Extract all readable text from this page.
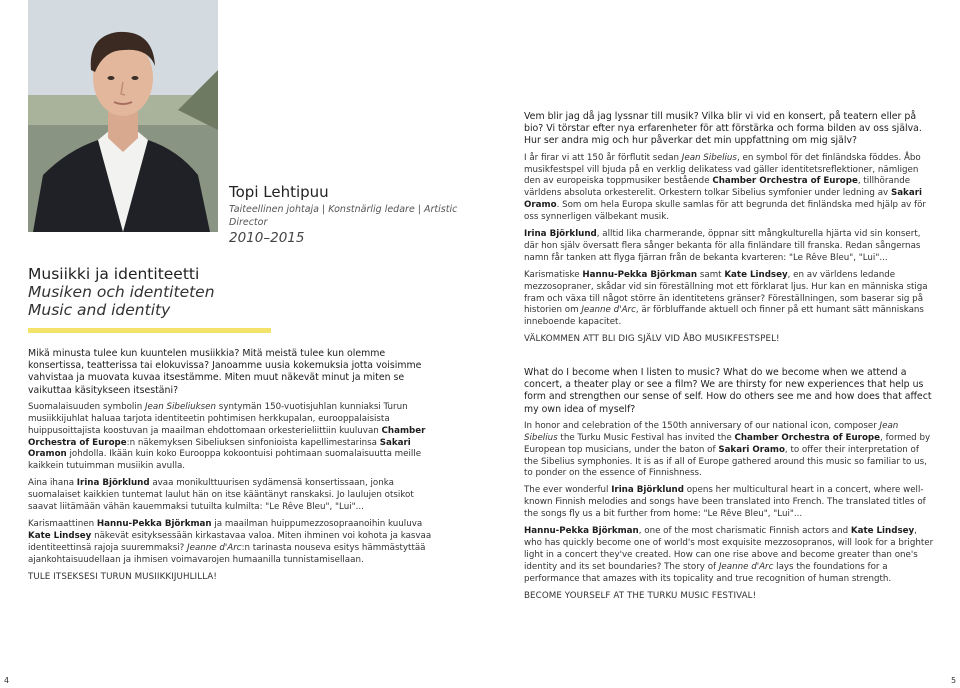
Topi Lehtipuu
Taiteellinen johtaja | Konstnärlig ledare | Artistic Director
2010–2015
Musiikki ja identiteetti
Musiken och identiteten
Music and identity

Mikä minusta tulee kun kuuntelen musiikkia? Mitä meistä tulee kun olemme konsertissa, teatterissa tai elokuvissa? Janoamme uusia kokemuksia jotta voisimme vahvistaa ja muovata kuvaa itsestämme. Miten muut näkevät minut ja miten se vaikuttaa käsitykseen itsestäni?

Suomalaisuuden symbolin Jean Sibeliuksen syntymän 150-vuotisjuhlan kunniaksi Turun musiikkijuhlat haluaa tarjota identiteetin pohtimisen herkkupalan, eurooppalaisista huippusoittajista koostuvan ja maailman ehdottomaan orkesterieliittiin kuuluvan Chamber Orchestra of Europe:n näkemyksen Sibeliuksen sinfonioista kapellimestarinsa Sakari Oramon johdolla. Ikään kuin koko Eurooppa kokoontuisi pohtimaan suomalaisuutta meille kaikkein tutuimman musiikin avulla.

Aina ihana Irina Björklund avaa monikulttuurisen sydämensä konsertissaan, jonka suomalaiset kaikkien tuntemat laulut hän on itse kääntänyt ranskaksi. Jo laulujen otsikot saavat liitämään vähän kauemmaksi tutuilta kulmilta: "Le Rêve Bleu", "Lui"...

Karismaattinen Hannu-Pekka Björkman ja maailman huippumezzosopraanoihin kuuluva Kate Lindsey näkevät esityksessään kirkastavaa valoa. Miten ihminen voi kohota ja kasvaa identiteettinsä rajoja suuremmaksi? Jeanne d'Arc:n tarinasta nouseva esitys hämmästyttää ajankohtaisuudellaan ja ihmisen voimavarojen humaanilla tunnistamisellaan.

TULE ITSEKSESI TURUN MUSIIKKIJUHLILLA!

Vem blir jag då jag lyssnar till musik? Vilka blir vi vid en konsert, på teatern eller på bio? Vi törstar efter nya erfarenheter för att förstärka och forma bilden av oss själva. Hur ser andra mig och hur påverkar det min uppfattning om mig själv?

I år firar vi att 150 år förflutit sedan Jean Sibelius, en symbol för det finländska föddes. Åbo musikfestspel vill bjuda på en verklig delikatess vad gäller identitetsreflektioner, nämligen den av europeiska toppmusiker bestående Chamber Orchestra of Europe, tillhörande världens absoluta orkesterelit. Orkestern tolkar Sibelius symfonier under ledning av Sakari Oramo. Som om hela Europa skulle samlas för att begrunda det finländska med hjälp av för oss synnerligen välbekant musik.

Irina Björklund, alltid lika charmerande, öppnar sitt mångkulturella hjärta vid sin konsert, där hon själv översatt flera sånger bekanta för alla finländare till franska. Redan sångernas namn får tanken att flyga fjärran från de bekanta kvarteren: "Le Rêve Bleu", "Lui"...

Karismatiske Hannu-Pekka Björkman samt Kate Lindsey, en av världens ledande mezzosopraner, skådar vid sin föreställning mot ett förklarat ljus. Hur kan en människa stiga fram och växa till något större än identitetens gränser? Föreställningen, som baserar sig på historien om Jeanne d'Arc, är förbluffande aktuell och finner på ett humant sätt människans inneboende kapacitet.

VÄLKOMMEN ATT BLI DIG SJÄLV VID ÅBO MUSIKFESTSPEL!

What do I become when I listen to music? What do we become when we attend a concert, a theater play or see a film? We are thirsty for new experiences that help us form and strengthen our sense of self. How do others see me and how does that affect my own idea of myself?

In honor and celebration of the 150th anniversary of our national icon, composer Jean Sibelius the Turku Music Festival has invited the Chamber Orchestra of Europe, formed by European top musicians, under the baton of Sakari Oramo, to offer their interpretation of the Sibelius symphonies. It is as if all of Europe gathered around this music so familiar to us, to ponder on the essence of Finnishness.

The ever wonderful Irina Björklund opens her multicultural heart in a concert, where well-known Finnish melodies and songs have been translated into French. The translated titles of the songs fly us a bit further from home: "Le Rêve Bleu", "Lui"...

Hannu-Pekka Björkman, one of the most charismatic Finnish actors and Kate Lindsey, who has quickly become one of world's most exquisite mezzosopranos, will look for a brighter light in a concert they've created. How can one rise above and become greater than one's identity and its set boundaries? The story of Jeanne d'Arc lays the foundations for a performance that amazes with its topicality and true recognition of human strength.

BECOME YOURSELF AT THE TURKU MUSIC FESTIVAL!

4	5
